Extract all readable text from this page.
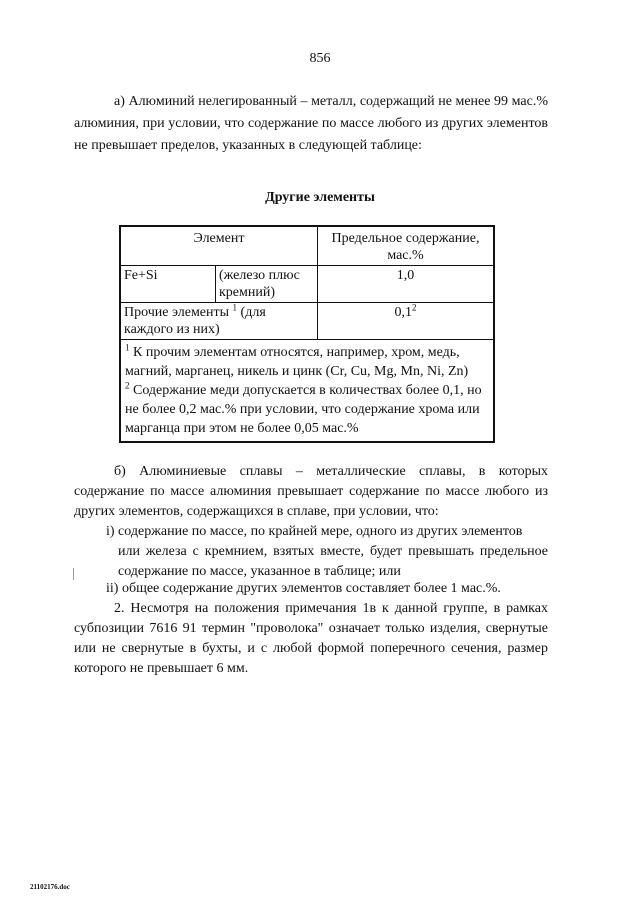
856
а) Алюминий нелегированный – металл, содержащий не менее 99 мас.% алюминия, при условии, что содержание по массе любого из других элементов не превышает пределов, указанных в следующей таблице:
Другие элементы
Элемент		Предельное содержание, мас.%
Fe+Si	(железо плюс кремний)	1,0
Прочие элементы $^1$ (для каждого из них)		$0,1^2$

$^1$ К прочим элементам относятся, например, хром, медь, магний, марганец, никель и цинк (Cr, Cu, Mg, Mn, Ni, Zn)
$^2$ Содержание меди допускается в количествах более 0,1, но не более 0,2 мас.% при условии, что содержание хрома или марганца при этом не более 0,05 мас.%		
б) Алюминиевые сплавы – металлические сплавы, в которых содержание по массе алюминия превышает содержание по массе любого из других элементов, содержащихся в сплаве, при условии, что:
i) содержание по массе, по крайней мере, одного из других элементов
или железа с кремнием, взятых вместе, будет превышать предельное содержание по массе, указанное в таблице; или
ii) общее содержание других элементов составляет более 1 мас.%.
2. Несмотря на положения примечания 1в к данной группе, в рамках субпозиции 7616 91 термин "проволока" означает только изделия, свернутые или не свернутые в бухты, и с любой формой поперечного сечения, размер которого не превышает 6 мм.
21102176.doc
